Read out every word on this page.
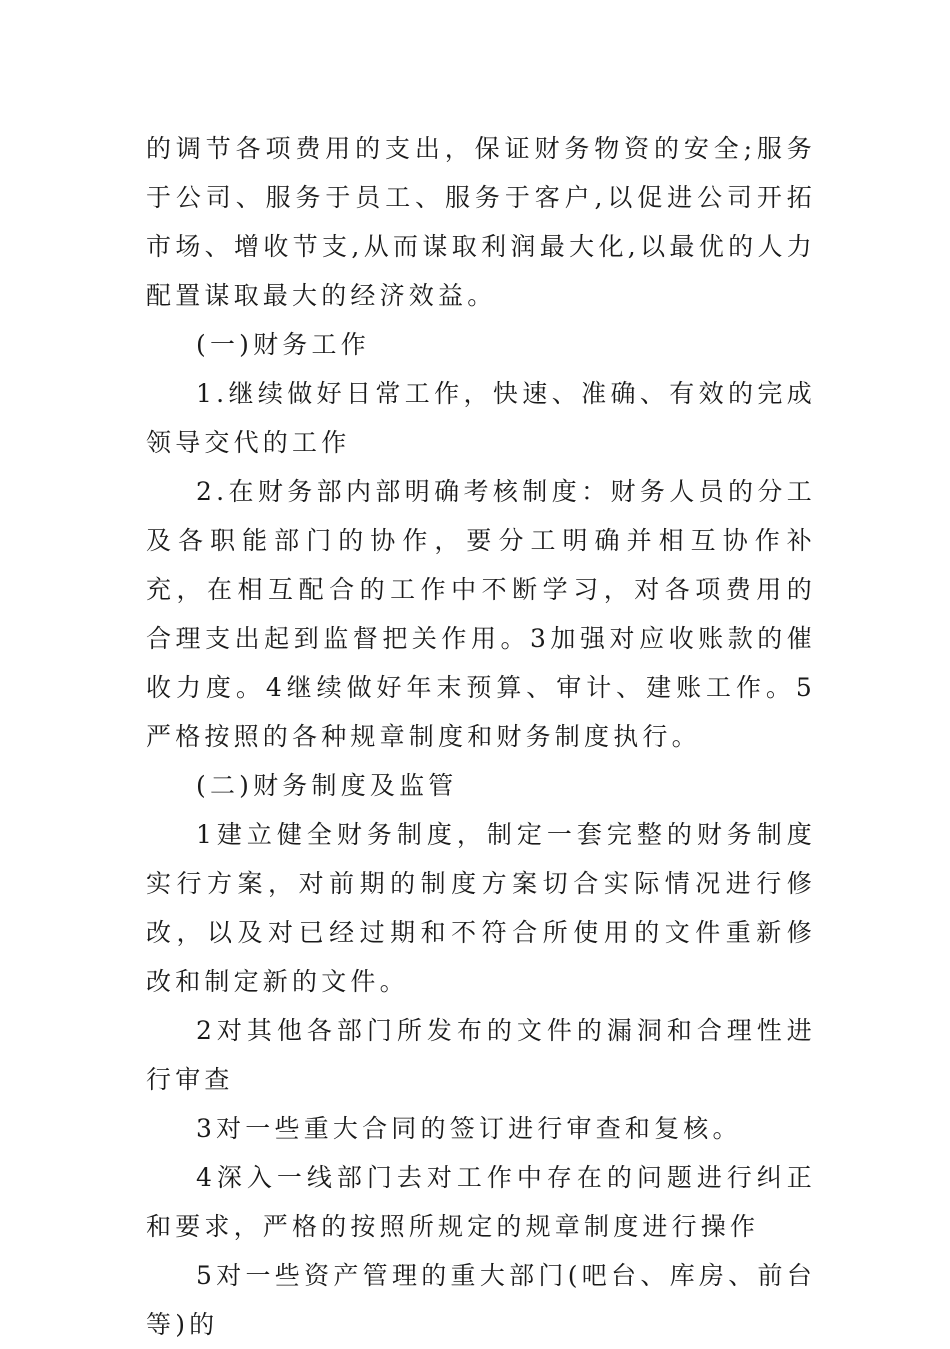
的调节各项费用的支出，保证财务物资的安全;服务于公司、服务于员工、服务于客户,以促进公司开拓市场、增收节支,从而谋取利润最大化,以最优的人力配置谋取最大的经济效益。

(一)财务工作

1.继续做好日常工作，快速、准确、有效的完成领导交代的工作

2.在财务部内部明确考核制度：财务人员的分工及各职能部门的协作，要分工明确并相互协作补充，在相互配合的工作中不断学习，对各项费用的合理支出起到监督把关作用。3加强对应收账款的催收力度。4继续做好年末预算、审计、建账工作。5严格按照的各种规章制度和财务制度执行。

(二)财务制度及监管

1建立健全财务制度，制定一套完整的财务制度实行方案，对前期的制度方案切合实际情况进行修改，以及对已经过期和不符合所使用的文件重新修改和制定新的文件。

2对其他各部门所发布的文件的漏洞和合理性进行审查

3对一些重大合同的签订进行审查和复核。

4深入一线部门去对工作中存在的问题进行纠正和要求，严格的按照所规定的规章制度进行操作

5对一些资产管理的重大部门(吧台、库房、前台等)的
